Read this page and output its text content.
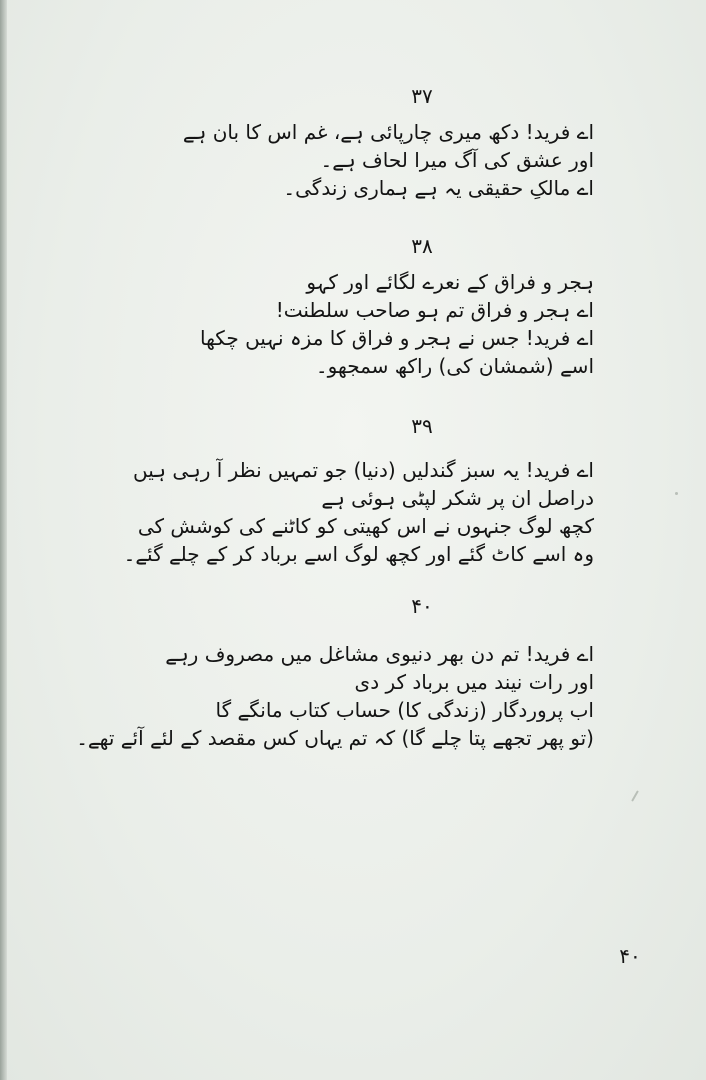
۳۷
اے فرید! دکھ میری چارپائی ہے، غم اس کا بان ہے
اور عشق کی آگ میرا لحاف ہے۔
اے مالکِ حقیقی یہ ہے ہماری زندگی۔
۳۸
ہجر و فراق کے نعرے لگائے اور کہو
اے ہجر و فراق تم ہو صاحب سلطنت!
اے فرید! جس نے ہجر و فراق کا مزہ نہیں چکھا
اسے (شمشان کی) راکھ سمجھو۔
۳۹
اے فرید! یہ سبز گندلیں (دنیا) جو تمہیں نظر آ رہی ہیں
دراصل ان پر شکر لپٹی ہوئی ہے
کچھ لوگ جنہوں نے اس کھیتی کو کاٹنے کی کوشش کی
وہ اسے کاٹ گئے اور کچھ لوگ اسے برباد کر کے چلے گئے۔
۴۰
اے فرید! تم دن بھر دنیوی مشاغل میں مصروف رہے
اور رات نیند میں برباد کر دی
اب پروردگار (زندگی کا) حساب کتاب مانگے گا
(تو پھر تجھے پتا چلے گا) کہ تم یہاں کس مقصد کے لئے آئے تھے۔
۴۰
